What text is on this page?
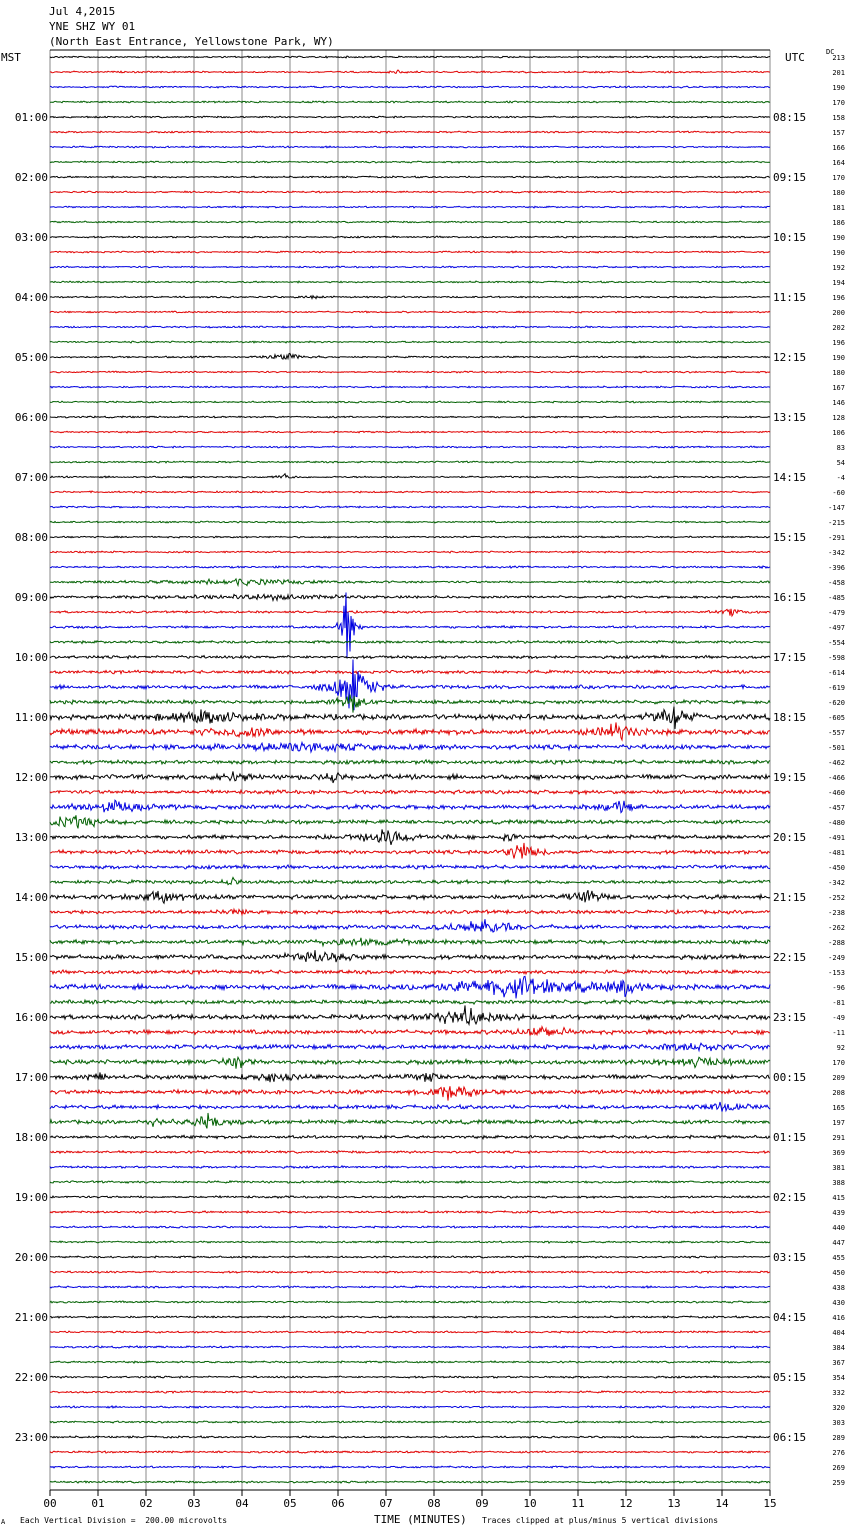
00	01	02	03	04	05	06	07	08	09	10	11	12	13	14	15
213
201
190
170
158
157
166
164
170
180
181
186
190
190
192
194
196
200
202
196
190
180
167
146
128
106
83
54
-4
-60
-147
-215
-291
-342
-396
-458
-485
-479
-497
-554
-598
-614
-619
-620
-605
-557
-501
-462
-466
-460
-457
-480
-491
-481
-450
-342
-252
-238
-262
-288
-249
-153
-96
-81
-49
-11
92
170
209
208
165
197
291
369
381
388
415
439
440
447
455
450
438
430
416
404
384
367
354
332
320
303
289
276
269
259
01:00
02:00
03:00
04:00
05:00
06:00
07:00
08:00
09:00
10:00
11:00
12:00
13:00
14:00
15:00
16:00
17:00
18:00
19:00
20:00
21:00
22:00
23:00
08:15
09:15
10:15
11:15
12:15
13:15
14:15
15:15
16:15
17:15
18:15
19:15
20:15
21:15
22:15
23:15
00:15
01:15
02:15
03:15
04:15
05:15
06:15
Jul 4,2015
YNE SHZ WY 01
(North East Entrance, Yellowstone Park, WY)
MST	UTC	DC
A Each Vertical Division =  200.00 microvolts	TIME (MINUTES) Traces clipped at plus/minus 5 vertical divisions
